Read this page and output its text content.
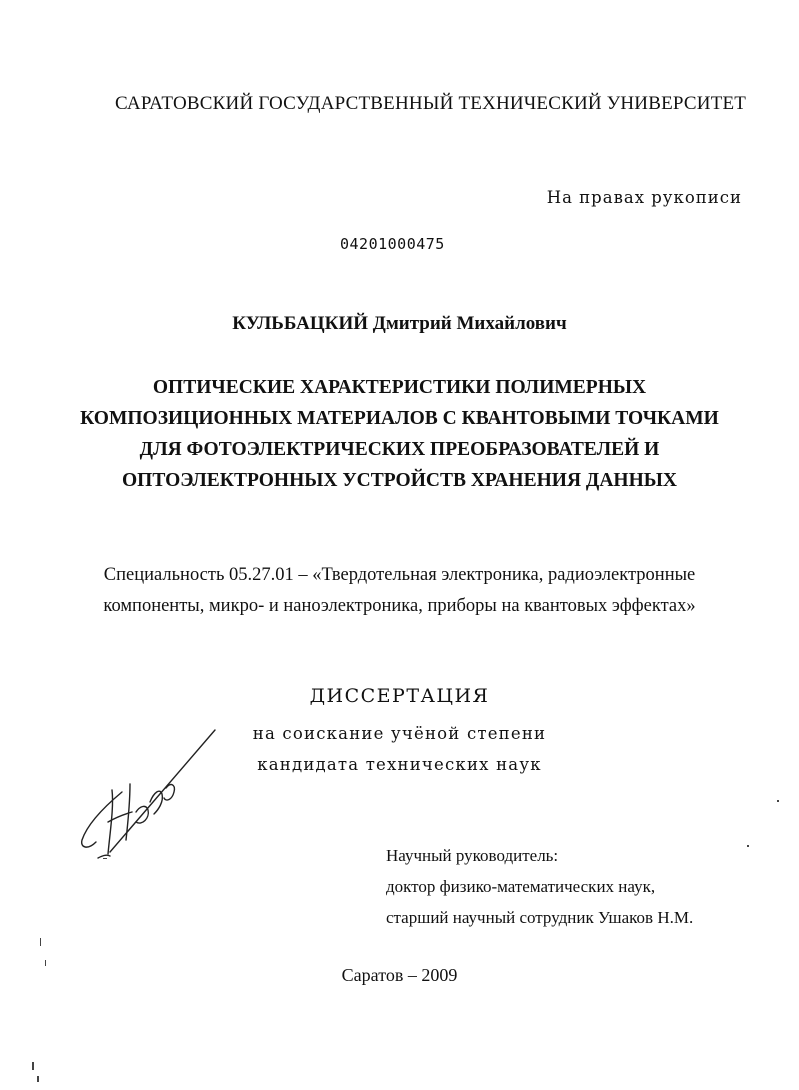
САРАТОВСКИЙ ГОСУДАРСТВЕННЫЙ ТЕХНИЧЕСКИЙ УНИВЕРСИТЕТ
На правах рукописи
04201000475
КУЛЬБАЦКИЙ Дмитрий Михайлович
ОПТИЧЕСКИЕ ХАРАКТЕРИСТИКИ ПОЛИМЕРНЫХ
КОМПОЗИЦИОННЫХ МАТЕРИАЛОВ С КВАНТОВЫМИ ТОЧКАМИ
ДЛЯ ФОТОЭЛЕКТРИЧЕСКИХ ПРЕОБРАЗОВАТЕЛЕЙ И
ОПТОЭЛЕКТРОННЫХ УСТРОЙСТВ ХРАНЕНИЯ ДАННЫХ
Специальность 05.27.01 – «Твердотельная электроника, радиоэлектронные
компоненты, микро- и наноэлектроника, приборы на квантовых эффектах»
ДИССЕРТАЦИЯ
на соискание учёной степени
кандидата технических наук
Научный руководитель:
доктор физико-математических наук,
старший научный сотрудник Ушаков Н.М.
Саратов – 2009
